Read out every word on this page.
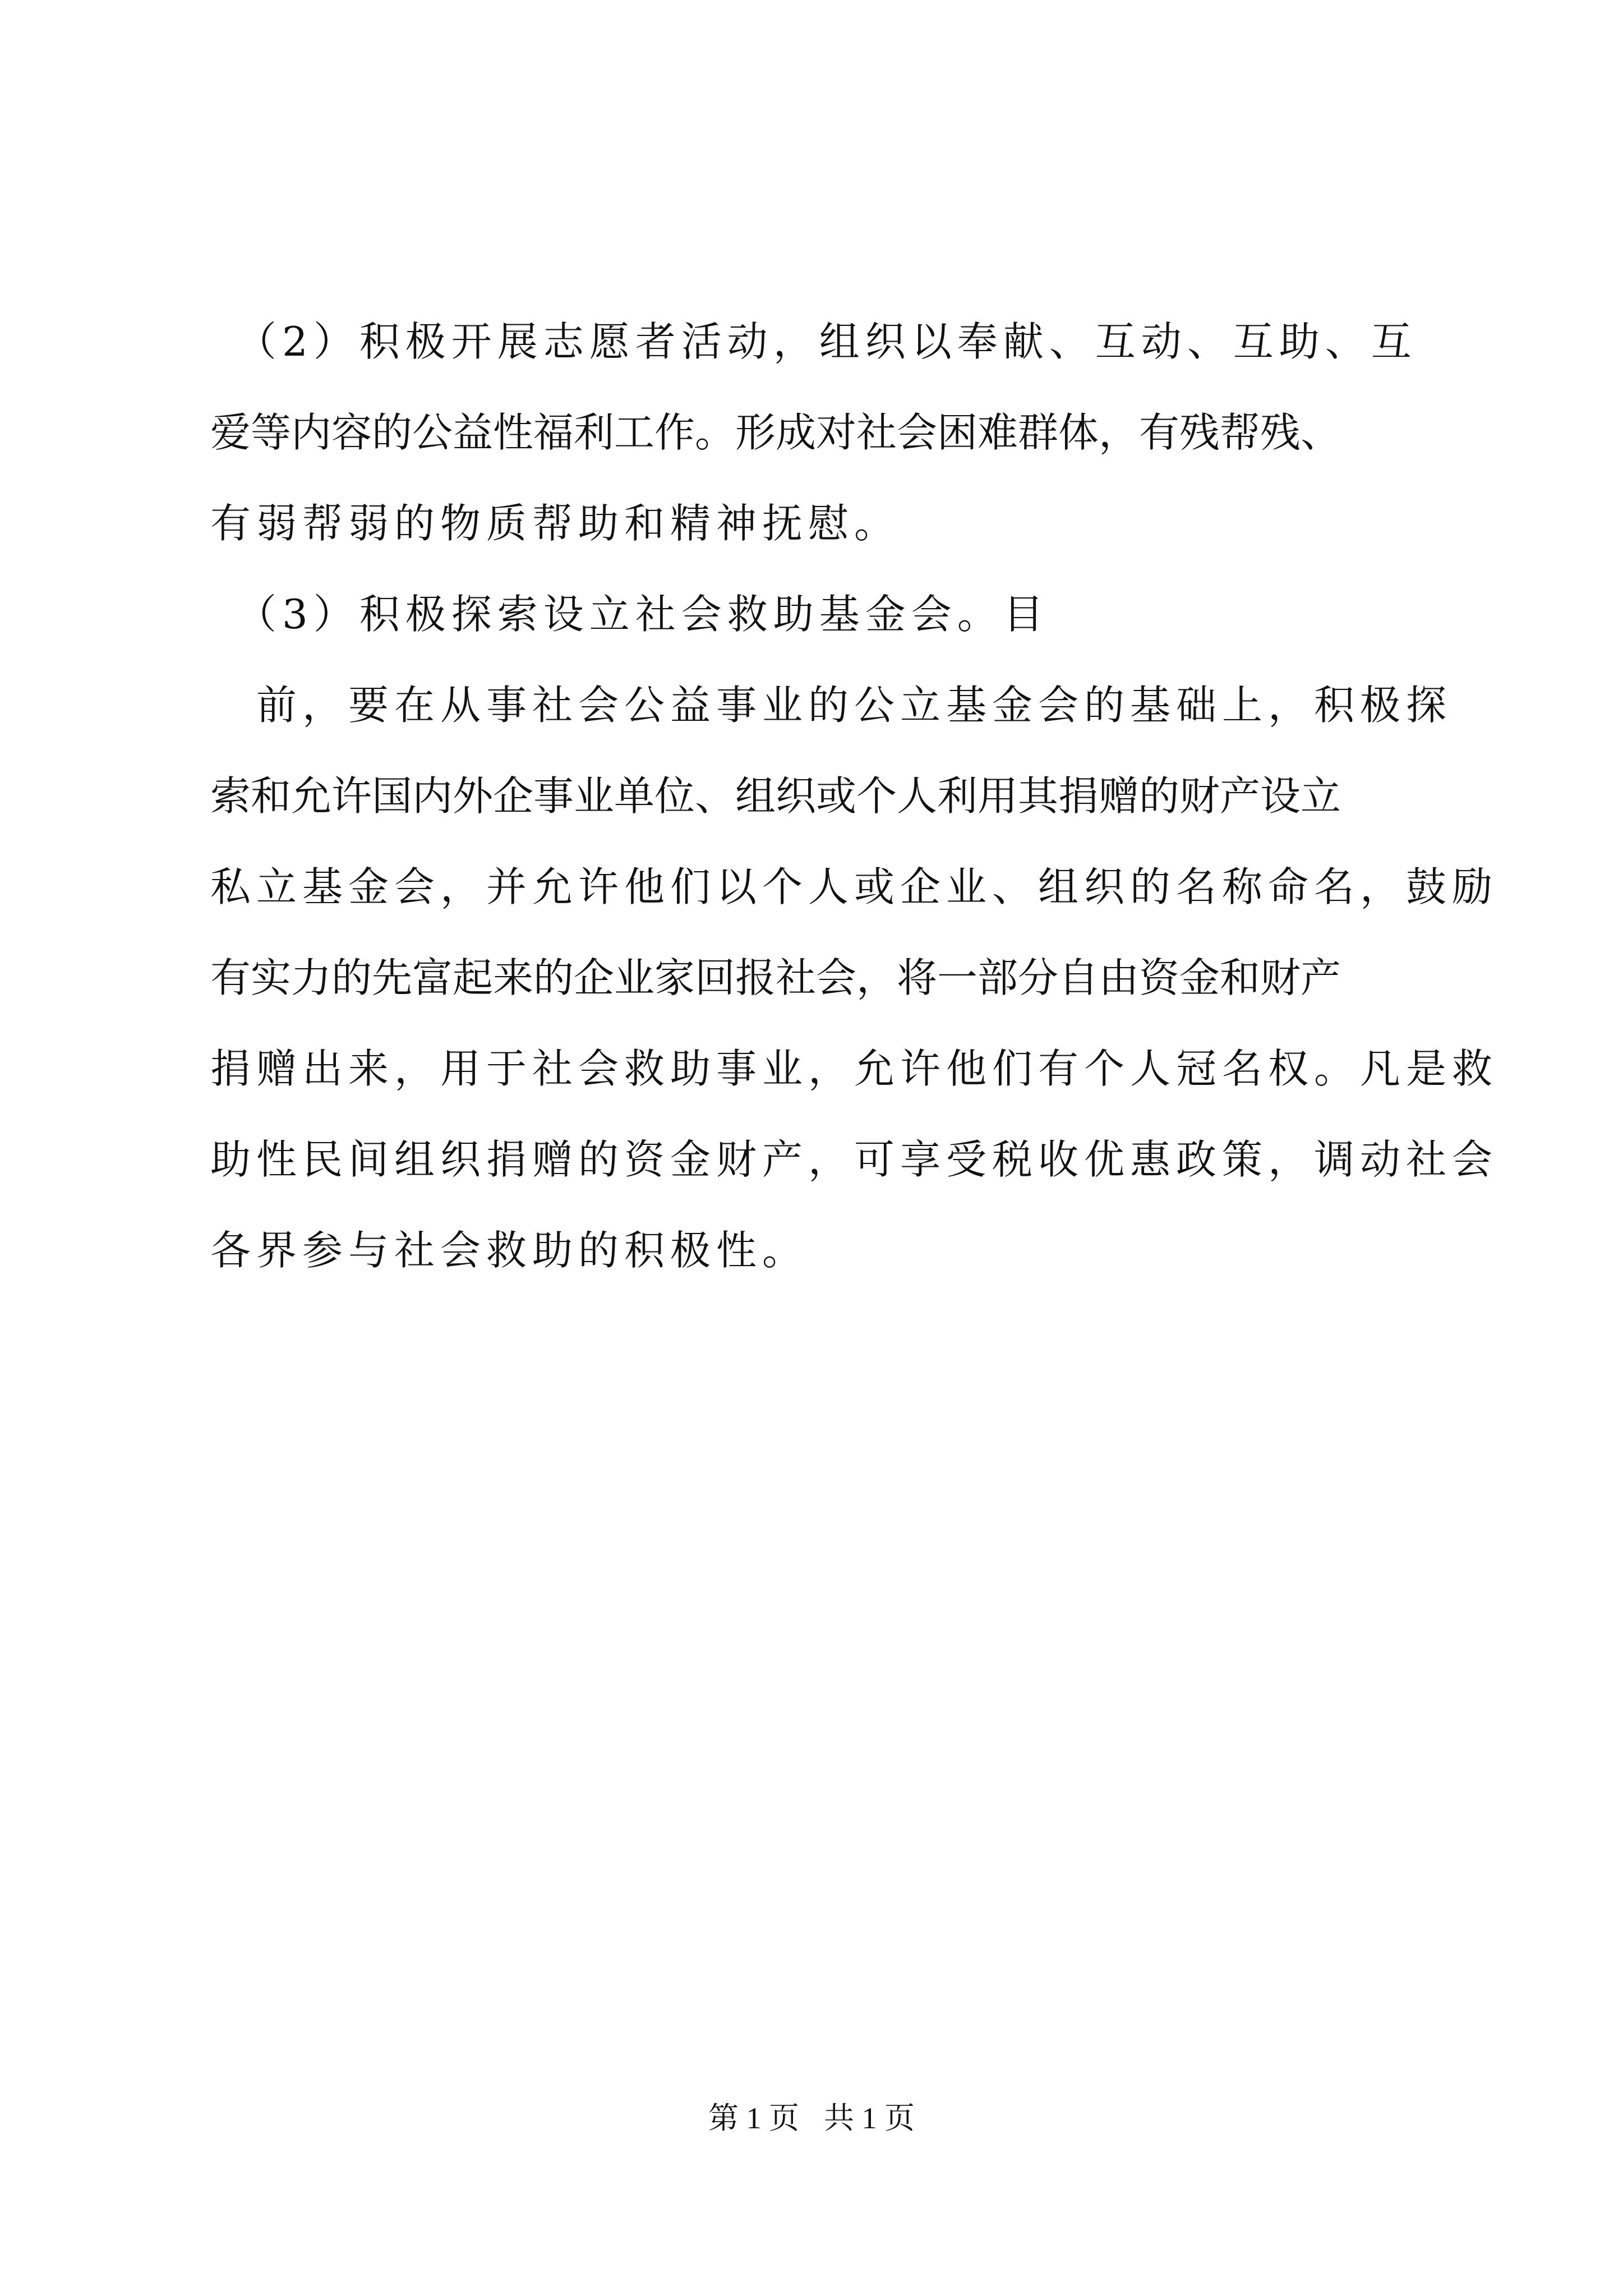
　（2）积极开展志愿者活动，组织以奉献、互动、互助、互
爱等内容的公益性福利工作。形成对社会困难群体，有残帮残、
有弱帮弱的物质帮助和精神抚慰。
　（3）积极探索设立社会救助基金会。目
　前，要在从事社会公益事业的公立基金会的基础上，积极探
索和允许国内外企事业单位、组织或个人利用其捐赠的财产设立
私立基金会，并允许他们以个人或企业、组织的名称命名，鼓励
有实力的先富起来的企业家回报社会，将一部分自由资金和财产
捐赠出来，用于社会救助事业，允许他们有个人冠名权。凡是救
助性民间组织捐赠的资金财产，可享受税收优惠政策，调动社会
各界参与社会救助的积极性。
第 1 页 共 1 页
